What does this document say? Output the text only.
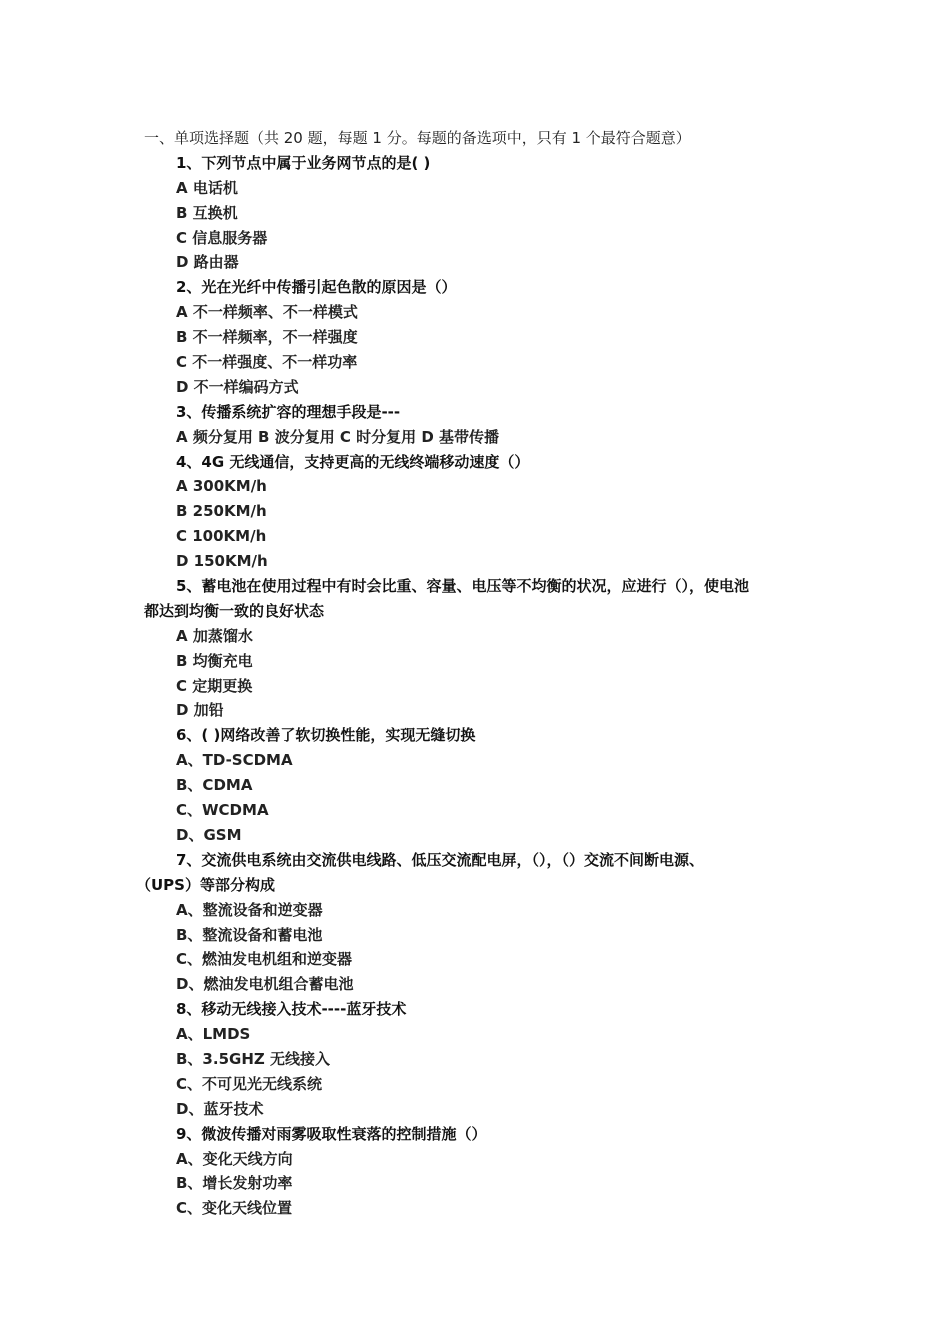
一、单项选择题（共 20 题，每题 1 分。每题的备选项中，只有 1 个最符合题意）
1、下列节点中属于业务网节点的是( )
A 电话机
B 互换机
C 信息服务器
D 路由器
2、光在光纤中传播引起色散的原因是（）
A 不一样频率、不一样模式
B 不一样频率，不一样强度
C 不一样强度、不一样功率
D 不一样编码方式
3、传播系统扩容的理想手段是---
A 频分复用 B 波分复用 C 时分复用 D 基带传播
4、4G 无线通信，支持更高的无线终端移动速度（）
A 300KM/h
B 250KM/h
C 100KM/h
D 150KM/h
5、蓄电池在使用过程中有时会比重、容量、电压等不均衡的状况，应进行（），使电池
都达到均衡一致的良好状态
A 加蒸馏水
B 均衡充电
C 定期更换
D 加铅
6、( )网络改善了软切换性能，实现无缝切换
A、TD-SCDMA
B、CDMA
C、WCDMA
D、GSM
7、交流供电系统由交流供电线路、低压交流配电屏，（），（）交流不间断电源、
（UPS）等部分构成
A、整流设备和逆变器
B、整流设备和蓄电池
C、燃油发电机组和逆变器
D、燃油发电机组合蓄电池
8、移动无线接入技术----蓝牙技术
A、LMDS
B、3.5GHZ 无线接入
C、不可见光无线系统
D、蓝牙技术
9、微波传播对雨雾吸取性衰落的控制措施（）
A、变化天线方向
B、增长发射功率
C、变化天线位置
